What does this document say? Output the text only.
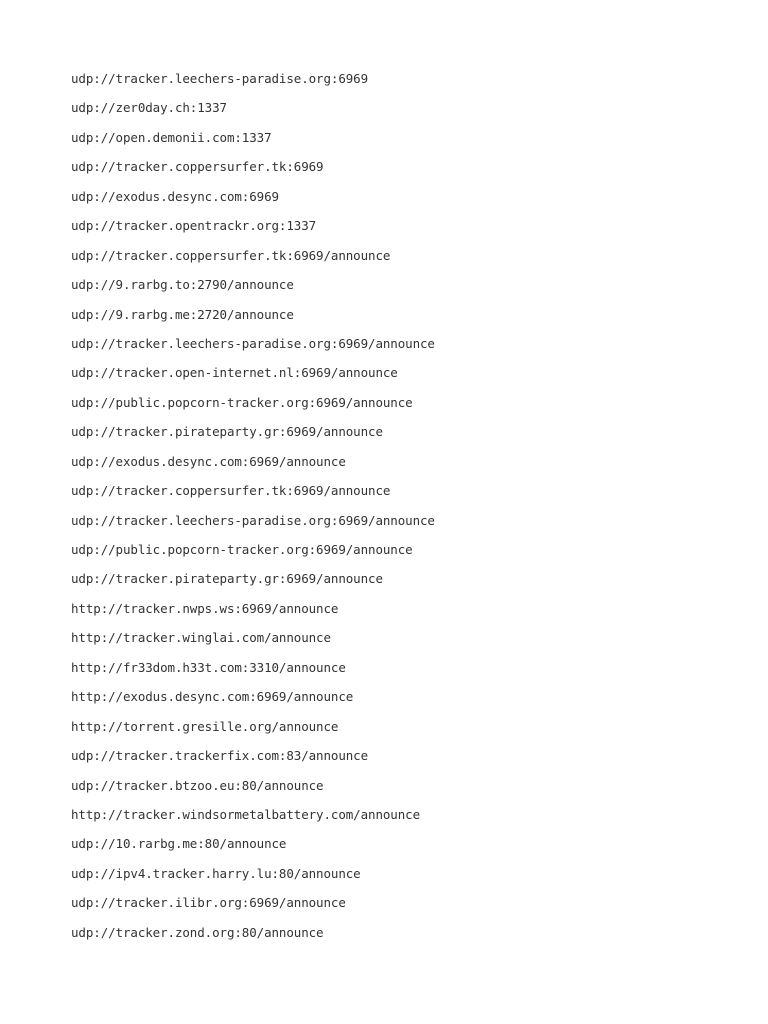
udp://tracker.leechers-paradise.org:6969
udp://zer0day.ch:1337
udp://open.demonii.com:1337
udp://tracker.coppersurfer.tk:6969
udp://exodus.desync.com:6969
udp://tracker.opentrackr.org:1337
udp://tracker.coppersurfer.tk:6969/announce
udp://9.rarbg.to:2790/announce
udp://9.rarbg.me:2720/announce
udp://tracker.leechers-paradise.org:6969/announce
udp://tracker.open-internet.nl:6969/announce
udp://public.popcorn-tracker.org:6969/announce
udp://tracker.pirateparty.gr:6969/announce
udp://exodus.desync.com:6969/announce
udp://tracker.coppersurfer.tk:6969/announce
udp://tracker.leechers-paradise.org:6969/announce
udp://public.popcorn-tracker.org:6969/announce
udp://tracker.pirateparty.gr:6969/announce
http://tracker.nwps.ws:6969/announce
http://tracker.winglai.com/announce
http://fr33dom.h33t.com:3310/announce
http://exodus.desync.com:6969/announce
http://torrent.gresille.org/announce
udp://tracker.trackerfix.com:83/announce
udp://tracker.btzoo.eu:80/announce
http://tracker.windsormetalbattery.com/announce
udp://10.rarbg.me:80/announce
udp://ipv4.tracker.harry.lu:80/announce
udp://tracker.ilibr.org:6969/announce
udp://tracker.zond.org:80/announce
